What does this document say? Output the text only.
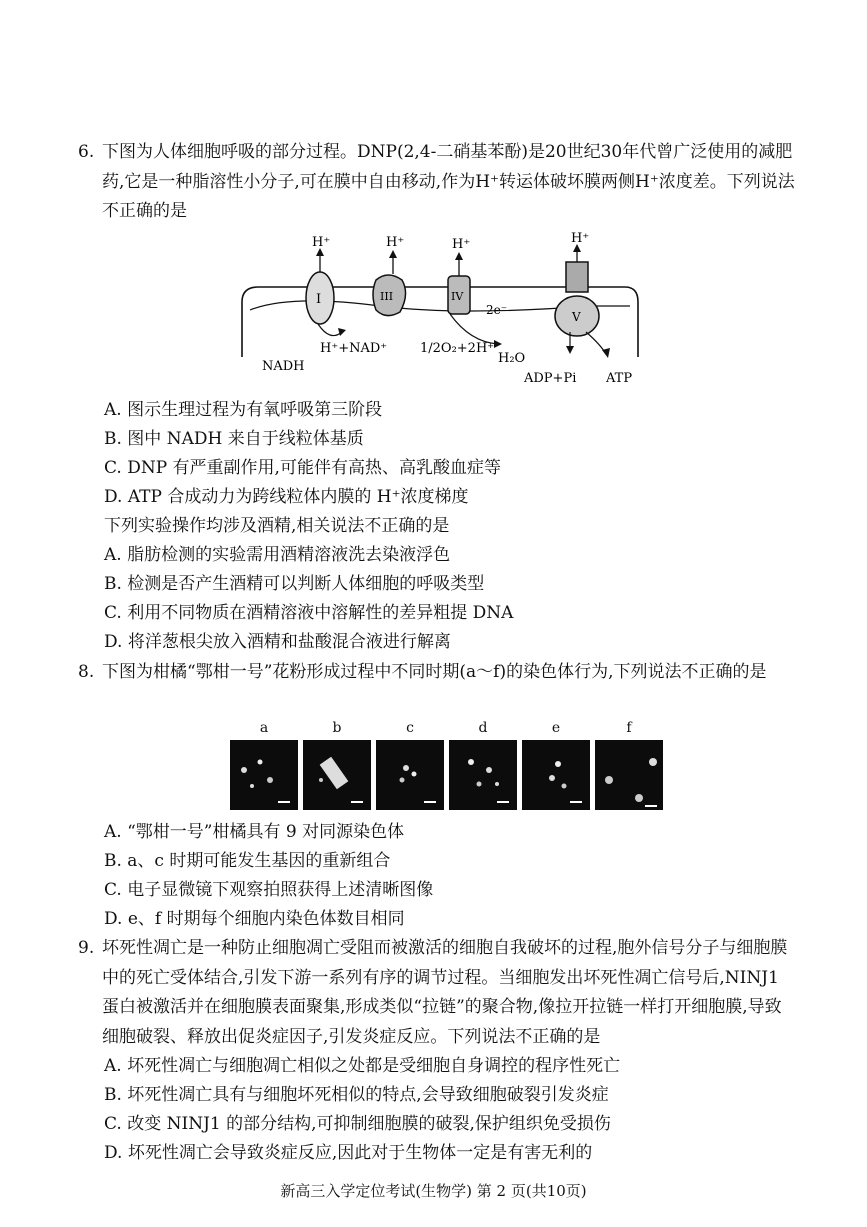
6. 下图为人体细胞呼吸的部分过程。DNP(2,4-二硝基苯酚)是20世纪30年代曾广泛使用的减肥药,它是一种脂溶性小分子,可在膜中自由移动,作为H⁺转运体破坏膜两侧H⁺浓度差。下列说法不正确的是
I
H⁺
III
H⁺
IV
H⁺
2e⁻	V
H⁺
NADH
H⁺+NAD⁺	1/2O₂+2H⁺
H₂O
ADP+Pi ATP
A. 图示生理过程为有氧呼吸第三阶段
B. 图中 NADH 来自于线粒体基质
C. DNP 有严重副作用,可能伴有高热、高乳酸血症等
D. ATP 合成动力为跨线粒体内膜的 H⁺浓度梯度
下列实验操作均涉及酒精,相关说法不正确的是
A. 脂肪检测的实验需用酒精溶液洗去染液浮色
B. 检测是否产生酒精可以判断人体细胞的呼吸类型
C. 利用不同物质在酒精溶液中溶解性的差异粗提 DNA
D. 将洋葱根尖放入酒精和盐酸混合液进行解离
8. 下图为柑橘“鄂柑一号”花粉形成过程中不同时期(a～f)的染色体行为,下列说法不正确的是
a	b	c	d	e	f
A. “鄂柑一号”柑橘具有 9 对同源染色体
B. a、c 时期可能发生基因的重新组合
C. 电子显微镜下观察拍照获得上述清晰图像
D. e、f 时期每个细胞内染色体数目相同
9. 坏死性凋亡是一种防止细胞凋亡受阻而被激活的细胞自我破坏的过程,胞外信号分子与细胞膜中的死亡受体结合,引发下游一系列有序的调节过程。当细胞发出坏死性凋亡信号后,NINJ1 蛋白被激活并在细胞膜表面聚集,形成类似“拉链”的聚合物,像拉开拉链一样打开细胞膜,导致细胞破裂、释放出促炎症因子,引发炎症反应。下列说法不正确的是
A. 坏死性凋亡与细胞凋亡相似之处都是受细胞自身调控的程序性死亡
B. 坏死性凋亡具有与细胞坏死相似的特点,会导致细胞破裂引发炎症
C. 改变 NINJ1 的部分结构,可抑制细胞膜的破裂,保护组织免受损伤
D. 坏死性凋亡会导致炎症反应,因此对于生物体一定是有害无利的
新高三入学定位考试(生物学) 第 2 页(共10页)
